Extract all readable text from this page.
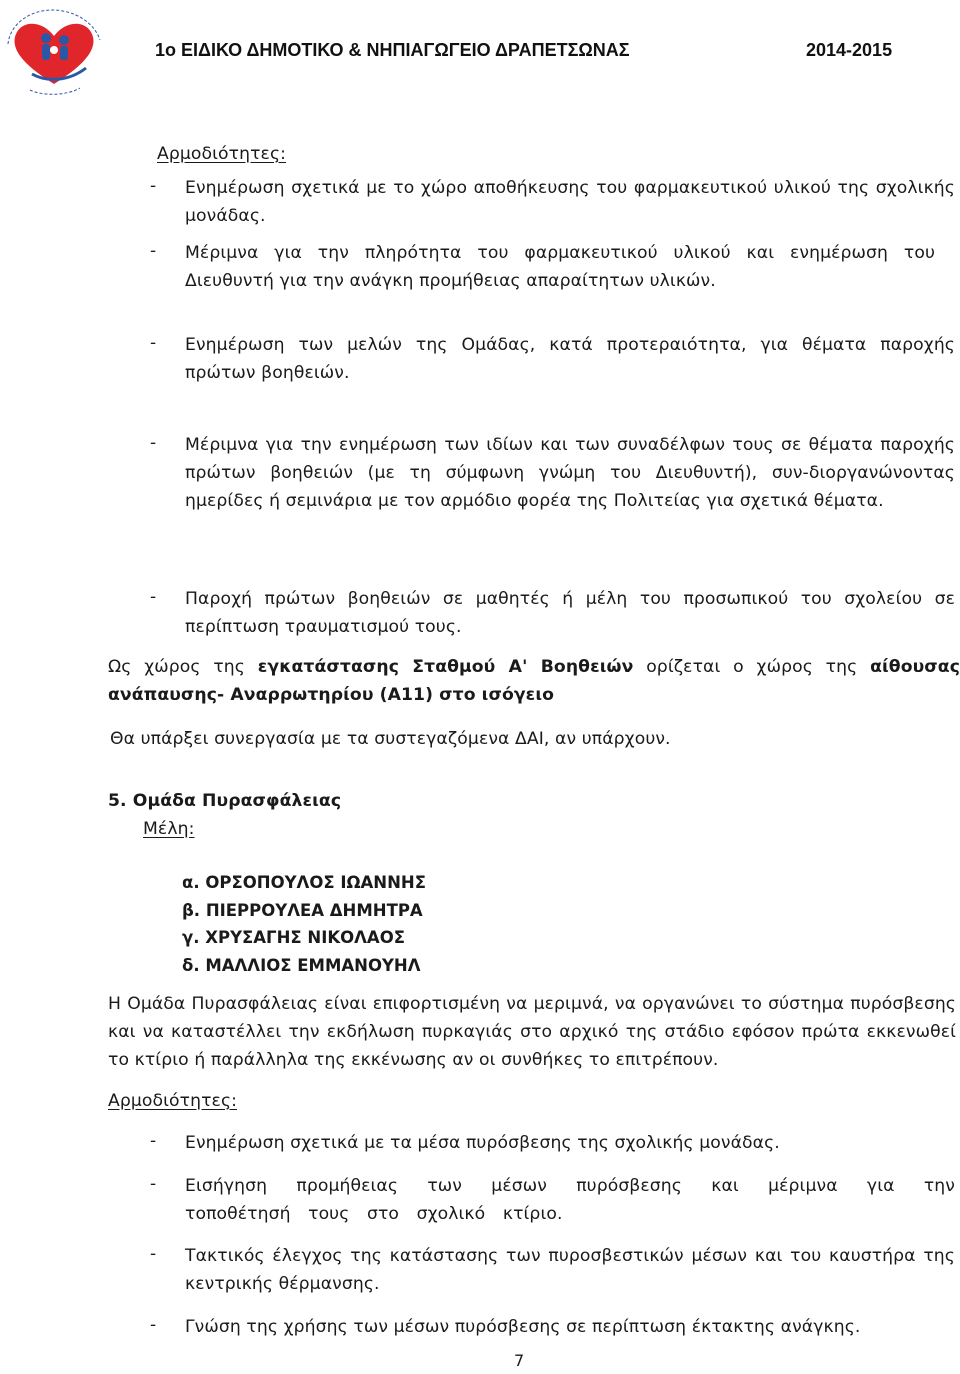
1ο ΕΙΔΙΚΟ ΔΗΜΟΤΙΚΟ & ΝΗΠΙΑΓΩΓΕΙΟ ΔΡΑΠΕΤΣΩΝΑΣ	2014-2015
Αρμοδιότητες:
- Ενημέρωση σχετικά με το χώρο αποθήκευσης του φαρμακευτικού υλικού της σχολικής μονάδας.
- Μέριμνα για την πληρότητα του φαρμακευτικού υλικού και ενημέρωση του Διευθυντή για την ανάγκη προμήθειας απαραίτητων υλικών.
- Ενημέρωση των μελών της Ομάδας, κατά προτεραιότητα, για θέματα παροχής πρώτων βοηθειών.
- Μέριμνα για την ενημέρωση των ιδίων και των συναδέλφων τους σε θέματα παροχής πρώτων βοηθειών (με τη σύμφωνη γνώμη του Διευθυντή), συν-διοργανώνοντας ημερίδες ή σεμινάρια με τον αρμόδιο φορέα της Πολιτείας για σχετικά θέματα.
- Παροχή πρώτων βοηθειών σε μαθητές ή μέλη του προσωπικού του σχολείου σε περίπτωση τραυματισμού τους.
Ως χώρος της εγκατάστασης Σταθμού Α' Βοηθειών ορίζεται ο χώρος της αίθουσας ανάπαυσης- Αναρρωτηρίου (Α11) στο ισόγειο
Θα υπάρξει συνεργασία με τα συστεγαζόμενα ΔΑΙ, αν υπάρχουν.
5. Ομάδα Πυρασφάλειας
Μέλη:
α. ΟΡΣΟΠΟΥΛΟΣ ΙΩΑΝΝΗΣ
β. ΠΙΕΡΡΟΥΛΕΑ ΔΗΜΗΤΡΑ
γ. ΧΡΥΣΑΓΗΣ ΝΙΚΟΛΑΟΣ
δ. ΜΑΛΛΙΟΣ ΕΜΜΑΝΟΥΗΛ
Η Ομάδα Πυρασφάλειας είναι επιφορτισμένη να μεριμνά, να οργανώνει το σύστημα πυρόσβεσης και να καταστέλλει την εκδήλωση πυρκαγιάς στο αρχικό της στάδιο εφόσον πρώτα εκκενωθεί το κτίριο ή παράλληλα της εκκένωσης αν οι συνθήκες το επιτρέπουν.
Αρμοδιότητες:
- Ενημέρωση σχετικά με τα μέσα πυρόσβεσης της σχολικής μονάδας.
- Εισήγηση προμήθειας των μέσων πυρόσβεσης και μέριμνα για την τοποθέτησή τους στο σχολικό κτίριο.
- Τακτικός έλεγχος της κατάστασης των πυροσβεστικών μέσων και του καυστήρα της κεντρικής θέρμανσης.
- Γνώση της χρήσης των μέσων πυρόσβεσης σε περίπτωση έκτακτης ανάγκης.
7
